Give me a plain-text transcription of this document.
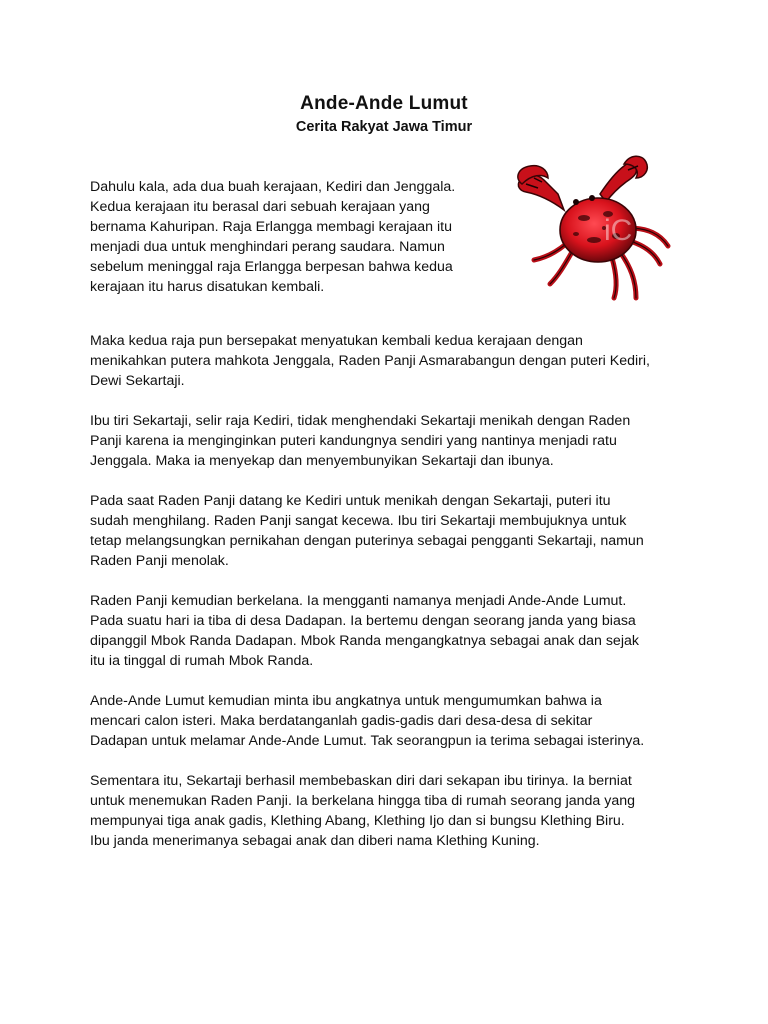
Ande-Ande Lumut
Cerita Rakyat Jawa Timur
iC

Dahulu kala, ada dua buah kerajaan, Kediri dan Jenggala.
Kedua kerajaan itu berasal dari sebuah kerajaan yang
bernama Kahuripan. Raja Erlangga membagi kerajaan itu
menjadi dua untuk menghindari perang saudara. Namun
sebelum meninggal raja Erlangga berpesan bahwa kedua
kerajaan itu harus disatukan kembali.

Maka kedua raja pun bersepakat menyatukan kembali kedua kerajaan dengan
menikahkan putera mahkota Jenggala, Raden Panji Asmarabangun dengan puteri Kediri,
Dewi Sekartaji.

Ibu tiri Sekartaji, selir raja Kediri, tidak menghendaki Sekartaji menikah dengan Raden
Panji karena ia menginginkan puteri kandungnya sendiri yang nantinya menjadi ratu
Jenggala. Maka ia menyekap dan menyembunyikan Sekartaji dan ibunya.

Pada saat Raden Panji datang ke Kediri untuk menikah dengan Sekartaji, puteri itu
sudah menghilang. Raden Panji sangat kecewa. Ibu tiri Sekartaji membujuknya untuk
tetap melangsungkan pernikahan dengan puterinya sebagai pengganti Sekartaji, namun
Raden Panji menolak.

Raden Panji kemudian berkelana. Ia mengganti namanya menjadi Ande-Ande Lumut.
Pada suatu hari ia tiba di desa Dadapan. Ia bertemu dengan seorang janda yang biasa
dipanggil Mbok Randa Dadapan. Mbok Randa mengangkatnya sebagai anak dan sejak
itu ia tinggal di rumah Mbok Randa.

Ande-Ande Lumut kemudian minta ibu angkatnya untuk mengumumkan bahwa ia
mencari calon isteri. Maka berdatanganlah gadis-gadis dari desa-desa di sekitar
Dadapan untuk melamar Ande-Ande Lumut. Tak seorangpun ia terima sebagai isterinya.

Sementara itu, Sekartaji berhasil membebaskan diri dari sekapan ibu tirinya. Ia berniat
untuk menemukan Raden Panji. Ia berkelana hingga tiba di rumah seorang janda yang
mempunyai tiga anak gadis, Klething Abang, Klething Ijo dan si bungsu Klething Biru.
Ibu janda menerimanya sebagai anak dan diberi nama Klething Kuning.
